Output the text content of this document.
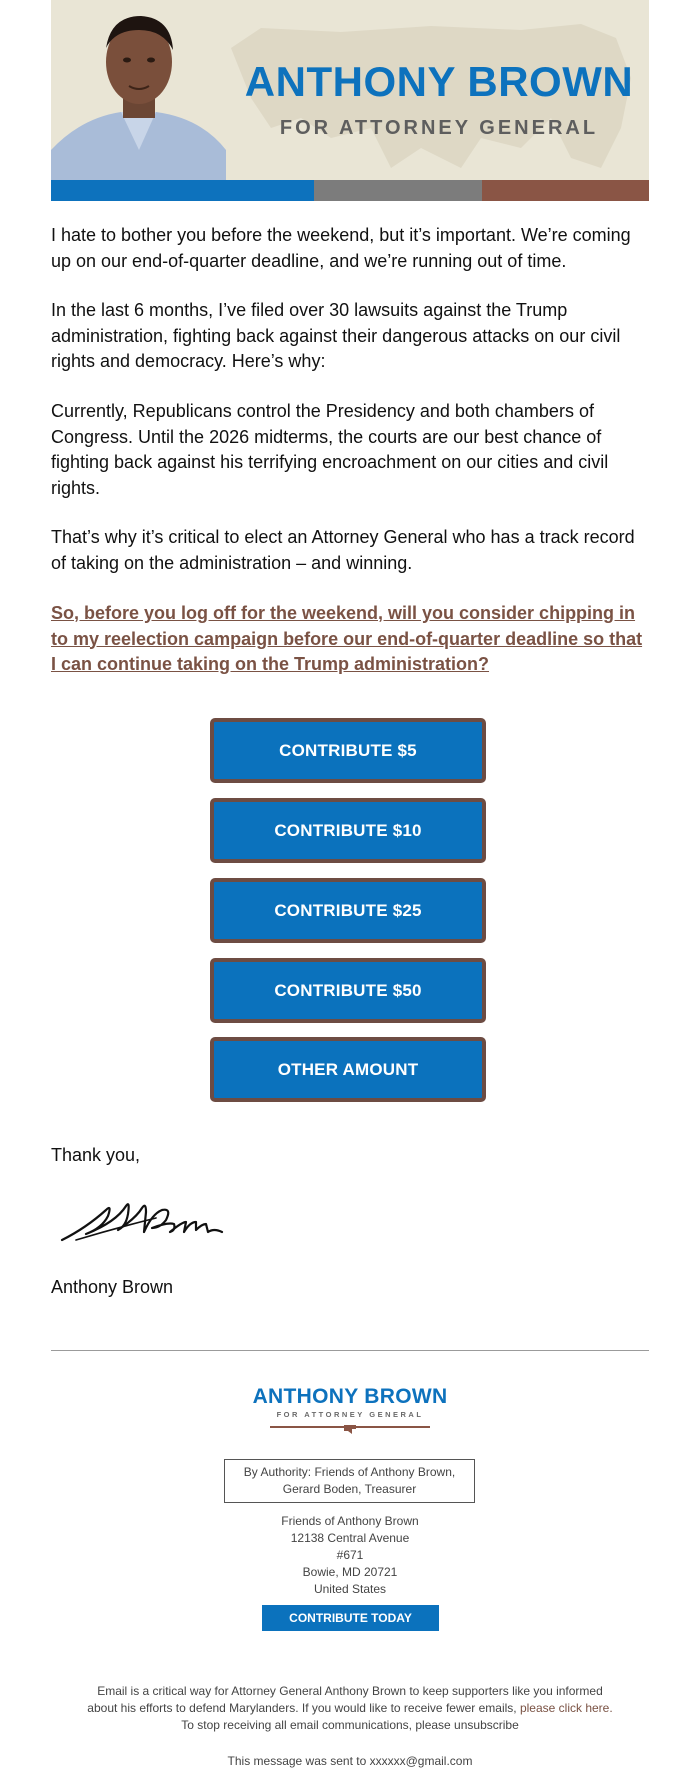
ANTHONY BROWN
FOR ATTORNEY GENERAL

I hate to bother you before the weekend, but it’s important. We’re coming up on our end-of-quarter deadline, and we’re running out of time.

In the last 6 months, I’ve filed over 30 lawsuits against the Trump administration, fighting back against their dangerous attacks on our civil rights and democracy. Here’s why:

Currently, Republicans control the Presidency and both chambers of Congress. Until the 2026 midterms, the courts are our best chance of fighting back against his terrifying encroachment on our cities and civil rights.

That’s why it’s critical to elect an Attorney General who has a track record of taking on the administration – and winning.

So, before you log off for the weekend, will you consider chipping in to my reelection campaign before our end-of-quarter deadline so that I can continue taking on the Trump administration?

CONTRIBUTE $5
CONTRIBUTE $10
CONTRIBUTE $25
CONTRIBUTE $50
OTHER AMOUNT
Thank you,
Anthony Brown
ANTHONY BROWN
FOR ATTORNEY GENERAL
By Authority: Friends of Anthony Brown,
Gerard Boden, Treasurer
Friends of Anthony Brown
12138 Central Avenue
#671
Bowie, MD 20721
United States
CONTRIBUTE TODAY
Email is a critical way for Attorney General Anthony Brown to keep supporters like you informed
about his efforts to defend Marylanders. If you would like to receive fewer emails, please click here.
To stop receiving all email communications, please unsubscribe
This message was sent to xxxxxx@gmail.com
